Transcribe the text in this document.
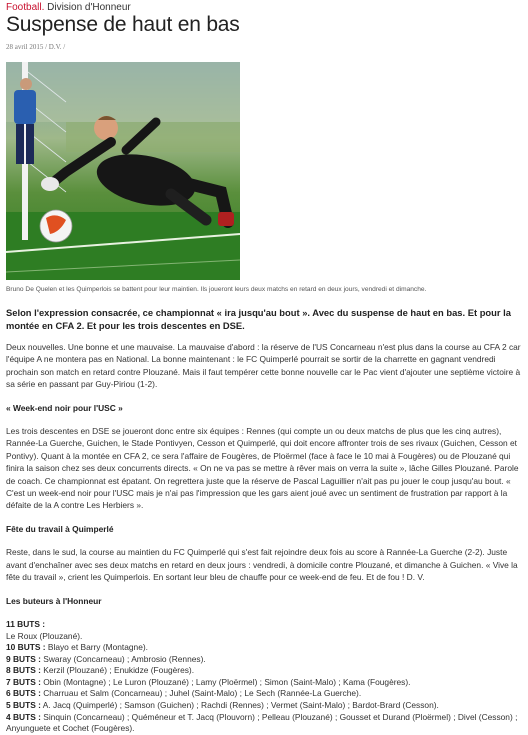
Football. Division d'Honneur
Suspense de haut en bas
28 avril 2015 / D.V. /
Bruno De Quelen et les Quimperlois se battent pour leur maintien. Ils joueront leurs deux matchs en retard en deux jours, vendredi et dimanche.
Selon l'expression consacrée, ce championnat « ira jusqu'au bout ». Avec du suspense de haut en bas. Et pour la montée en CFA 2. Et pour les trois descentes en DSE.

Deux nouvelles. Une bonne et une mauvaise. La mauvaise d'abord : la réserve de l'US Concarneau n'est plus dans la course au CFA 2 car l'équipe A ne montera pas en National. La bonne maintenant : le FC Quimperlé pourrait se sortir de la charrette en gagnant vendredi prochain son match en retard contre Plouzané. Mais il faut tempérer cette bonne nouvelle car le Pac vient d'ajouter une septième victoire à sa série en passant par Guy-Piriou (1-2).

« Week-end noir pour l'USC »

Les trois descentes en DSE se joueront donc entre six équipes : Rennes (qui compte un ou deux matchs de plus que les cinq autres), Rannée-La Guerche, Guichen, le Stade Pontivyen, Cesson et Quimperlé, qui doit encore affronter trois de ses rivaux (Guichen, Cesson et Pontivy). Quant à la montée en CFA 2, ce sera l'affaire de Fougères, de Ploërmel (face à face le 10 mai à Fougères) ou de Plouzané qui finira la saison chez ses deux concurrents directs. « On ne va pas se mettre à rêver mais on verra la suite », lâche Gilles Plouzané. Parole de coach. Ce championnat est épatant. On regrettera juste que la réserve de Pascal Laguillier n'ait pas pu jouer le coup jusqu'au bout. « C'est un week-end noir pour l'USC mais je n'ai pas l'impression que les gars aient joué avec un sentiment de frustration par rapport à la défaite de la A contre Les Herbiers ».

Fête du travail à Quimperlé

Reste, dans le sud, la course au maintien du FC Quimperlé qui s'est fait rejoindre deux fois au score à Rannée-La Guerche (2-2). Juste avant d'enchaîner avec ses deux matchs en retard en deux jours : vendredi, à domicile contre Plouzané, et dimanche à Guichen. « Vive la fête du travail », crient les Quimperlois. En sortant leur bleu de chauffe pour ce week-end de feu. Et de fou ! D. V.

Les buteurs à l'Honneur

11 BUTS :
Le Roux (Plouzané).
10 BUTS : Blayo et Barry (Montagne).
9 BUTS : Swaray (Concarneau) ; Ambrosio (Rennes).
8 BUTS : Kerzil (Plouzané) ; Enukidze (Fougères).
7 BUTS : Obin (Montagne) ; Le Luron (Plouzané) ; Lamy (Ploërmel) ; Simon (Saint-Malo) ; Kama (Fougères).
6 BUTS : Charruau et Salm (Concarneau) ; Juhel (Saint-Malo) ; Le Sech (Rannée-La Guerche).
5 BUTS : A. Jacq (Quimperlé) ; Samson (Guichen) ; Rachdi (Rennes) ; Vermet (Saint-Malo) ; Bardot-Brard (Cesson).
4 BUTS : Sinquin (Concarneau) ; Quéméneur et T. Jacq (Plouvorn) ; Pelleau (Plouzané) ; Gousset et Durand (Ploërmel) ; Divel (Cesson) ;
Anyunguete et Cochet (Fougères).
